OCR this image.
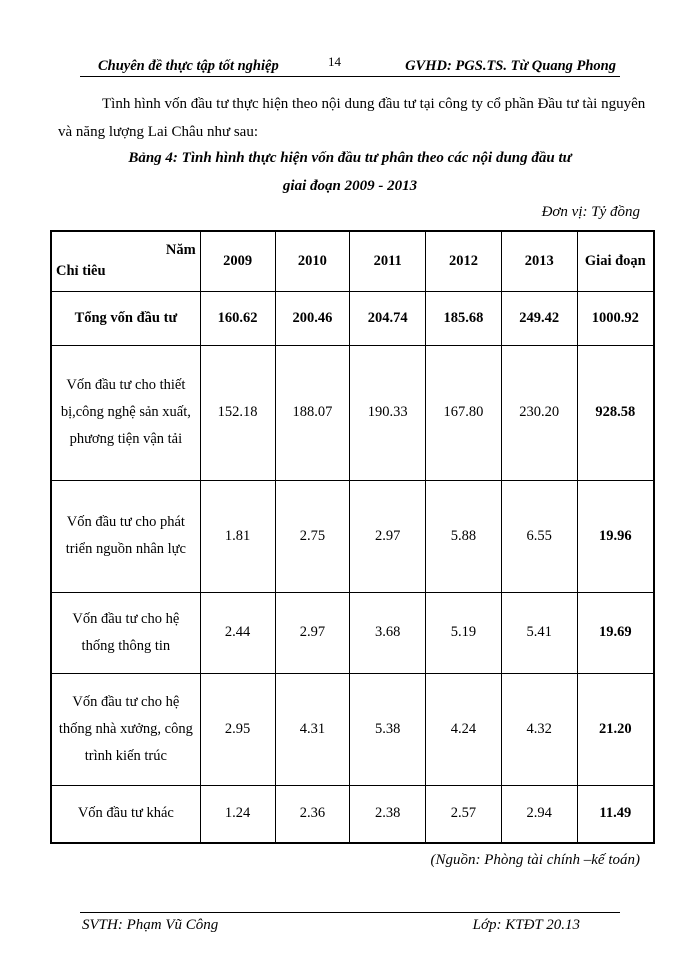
Chuyên đề thực tập tốt nghiệp	14	GVHD: PGS.TS. Từ Quang Phong
Tình hình vốn đầu tư thực hiện theo nội dung đầu tư tại công ty cổ phần Đầu tư tài nguyên và năng lượng Lai Châu như sau:
Bảng 4: Tình hình thực hiện vốn đầu tư phân theo các nội dung đầu tư
giai đoạn 2009 - 2013
Đơn vị: Tỷ đồng
Năm
Chỉ tiêu	2009	2010	2011	2012	2013	Giai đoạn
Tổng vốn đầu tư	160.62	200.46	204.74	185.68	249.42	1000.92
Vốn đầu tư cho thiết bị,công nghệ sản xuất, phương tiện vận tải	152.18	188.07	190.33	167.80	230.20	928.58
Vốn đầu tư cho phát triển nguồn nhân lực	1.81	2.75	2.97	5.88	6.55	19.96
Vốn đầu tư cho hệ thống thông tin	2.44	2.97	3.68	5.19	5.41	19.69
Vốn đầu tư cho hệ thống nhà xưởng, công trình kiến trúc	2.95	4.31	5.38	4.24	4.32	21.20
Vốn đầu tư khác	1.24	2.36	2.38	2.57	2.94	11.49
(Nguồn: Phòng tài chính –kế toán)
SVTH: Phạm Vũ Công	Lớp: KTĐT 20.13
